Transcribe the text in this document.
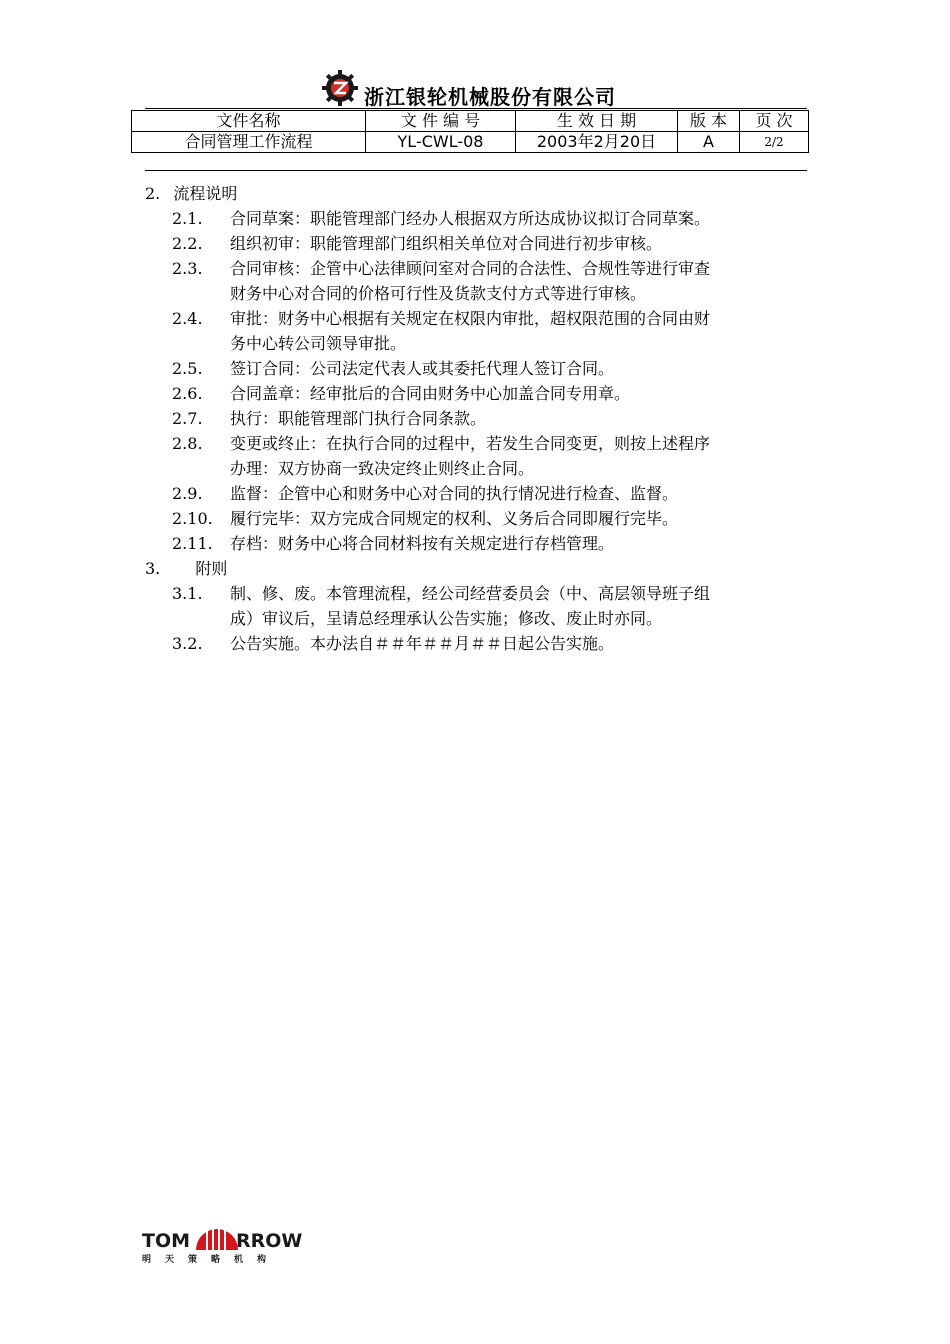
浙江银轮机械股份有限公司
文件名称	文 件 编 号	生 效 日 期	版 本	页 次
合同管理工作流程	YL-CWL-08	2003年2月20日	A	2/2
2. 流程说明
2.1. 合同草案：职能管理部门经办人根据双方所达成协议拟订合同草案。
2.2. 组织初审：职能管理部门组织相关单位对合同进行初步审核。
2.3. 合同审核：企管中心法律顾问室对合同的合法性、合规性等进行审查
财务中心对合同的价格可行性及货款支付方式等进行审核。
2.4. 审批：财务中心根据有关规定在权限内审批，超权限范围的合同由财
务中心转公司领导审批。
2.5. 签订合同：公司法定代表人或其委托代理人签订合同。
2.6. 合同盖章：经审批后的合同由财务中心加盖合同专用章。
2.7. 执行：职能管理部门执行合同条款。
2.8. 变更或终止：在执行合同的过程中，若发生合同变更，则按上述程序
办理：双方协商一致决定终止则终止合同。
2.9. 监督：企管中心和财务中心对合同的执行情况进行检查、监督。
2.10. 履行完毕：双方完成合同规定的权利、义务后合同即履行完毕。
2.11. 存档：财务中心将合同材料按有关规定进行存档管理。
3. 附则
3.1. 制、修、废。本管理流程，经公司经营委员会（中、高层领导班子组
成）审议后，呈请总经理承认公告实施；修改、废止时亦同。
3.2. 公告实施。本办法自＃＃年＃＃月＃＃日起公告实施。
TOM RROW
明天策略机构
